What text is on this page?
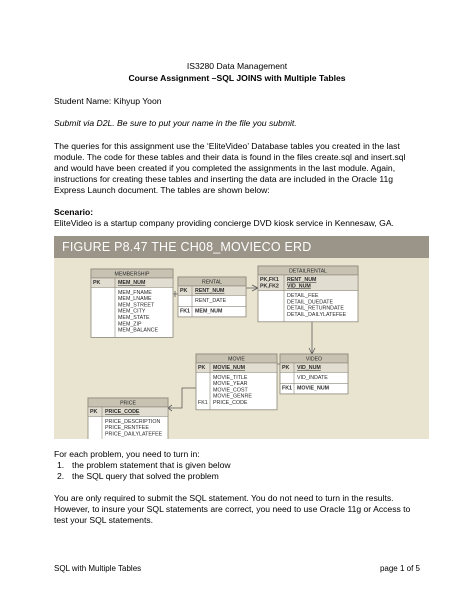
IS3280 Data Management
Course Assignment –SQL JOINS with Multiple Tables
Student Name: Kihyup Yoon
Submit via D2L. Be sure to put your name in the file you submit.
The queries for this assignment use the ‘EliteVideo’ Database tables you created in the last
module. The code for these tables and their data is found in the files create.sql and insert.sql
and would have been created if you completed the assignments in the last module. Again,
instructions for creating these tables and inserting the data are included in the Oracle 11g
Express Launch document. The tables are shown below:
Scenario:
EliteVideo is a startup company providing concierge DVD kiosk service in Kennesaw, GA.
FIGURE P8.47 THE CH08_MOVIECO ERD
MEMBERSHIP
PK	MEM_NUM
MEM_FNAME
MEM_LNAME
MEM_STREET
MEM_CITY
MEM_STATE
MEM_ZIP
MEM_BALANCE
RENTAL
PK RENT_NUM
RENT_DATE
FK1 MEM_NUM
DETAILRENTAL
PK,FK1 RENT_NUM
PK,FK2 VID_NUM
DETAIL_FEE
DETAIL_DUEDATE
DETAIL_RETURNDATE
DETAIL_DAILYLATEFEE
PRICE
PK PRICE_CODE
PRICE_DESCRIPTION
PRICE_RENTFEE
PRICE_DAILYLATEFEE
MOVIE
PK MOVIE_NUM
MOVIE_TITLE
MOVIE_YEAR
MOVIE_COST
MOVIE_GENRE
PRICE_CODE
FK1
VIDEO
PK VID_NUM
VID_INDATE
FK1 MOVIE_NUM
For each problem, you need to turn in:
1. the problem statement that is given below
2. the SQL query that solved the problem
You are only required to submit the SQL statement. You do not need to turn in the results.
However, to insure your SQL statements are correct, you need to use Oracle 11g or Access to
test your SQL statements.
SQL with Multiple Tables	page 1 of 5
